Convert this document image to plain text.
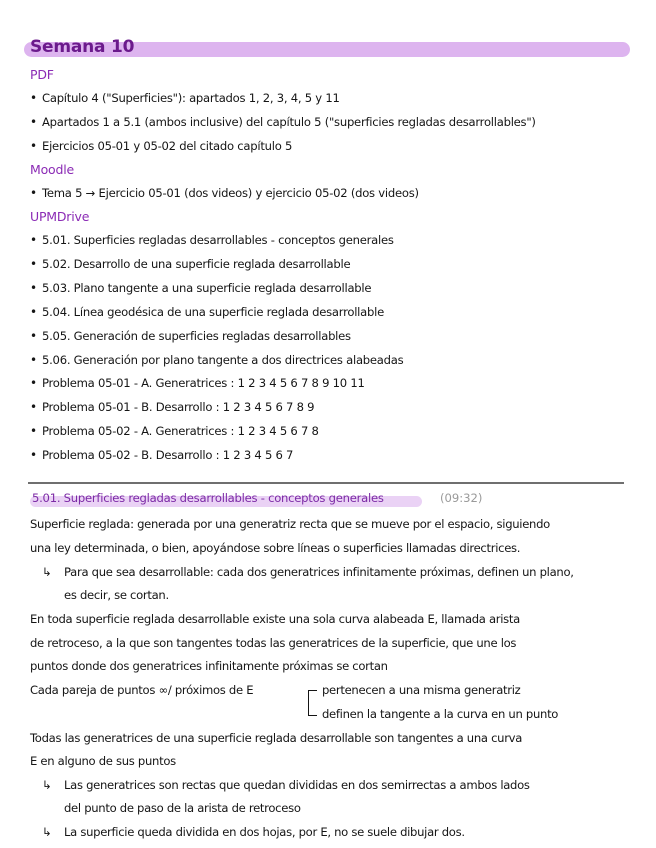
Semana 10
PDF
• Capítulo 4 ("Superficies"): apartados 1, 2, 3, 4, 5 y 11
• Apartados 1 a 5.1 (ambos inclusive) del capítulo 5 ("superficies regladas desarrollables")
• Ejercicios 05-01 y 05-02 del citado capítulo 5
Moodle
• Tema 5 → Ejercicio 05-01 (dos videos) y ejercicio 05-02 (dos videos)
UPMDrive
• 5.01. Superficies regladas desarrollables - conceptos generales
• 5.02. Desarrollo de una superficie reglada desarrollable
• 5.03. Plano tangente a una superficie reglada desarrollable
• 5.04. Línea geodésica de una superficie reglada desarrollable
• 5.05. Generación de superficies regladas desarrollables
• 5.06. Generación por plano tangente a dos directrices alabeadas
• Problema 05-01 - A. Generatrices : 1 2 3 4 5 6 7 8 9 10 11
• Problema 05-01 - B. Desarrollo : 1 2 3 4 5 6 7 8 9
• Problema 05-02 - A. Generatrices : 1 2 3 4 5 6 7 8
• Problema 05-02 - B. Desarrollo : 1 2 3 4 5 6 7
5.01. Superficies regladas desarrollables - conceptos generales	(09:32)
Superficie reglada: generada por una generatriz recta que se mueve por el espacio, siguiendo
una ley determinada, o bien, apoyándose sobre líneas o superficies llamadas directrices.
↳ Para que sea desarrollable: cada dos generatrices infinitamente próximas, definen un plano,
es decir, se cortan.
En toda superficie reglada desarrollable existe una sola curva alabeada E, llamada arista
de retroceso, a la que son tangentes todas las generatrices de la superficie, que une los
puntos donde dos generatrices infinitamente próximas se cortan
Cada pareja de puntos ∞/ próximos de E	pertenecen a una misma generatriz
definen la tangente a la curva en un punto
Todas las generatrices de una superficie reglada desarrollable son tangentes a una curva
E en alguno de sus puntos
↳ Las generatrices son rectas que quedan divididas en dos semirrectas a ambos lados
del punto de paso de la arista de retroceso
↳ La superficie queda dividida en dos hojas, por E, no se suele dibujar dos.
